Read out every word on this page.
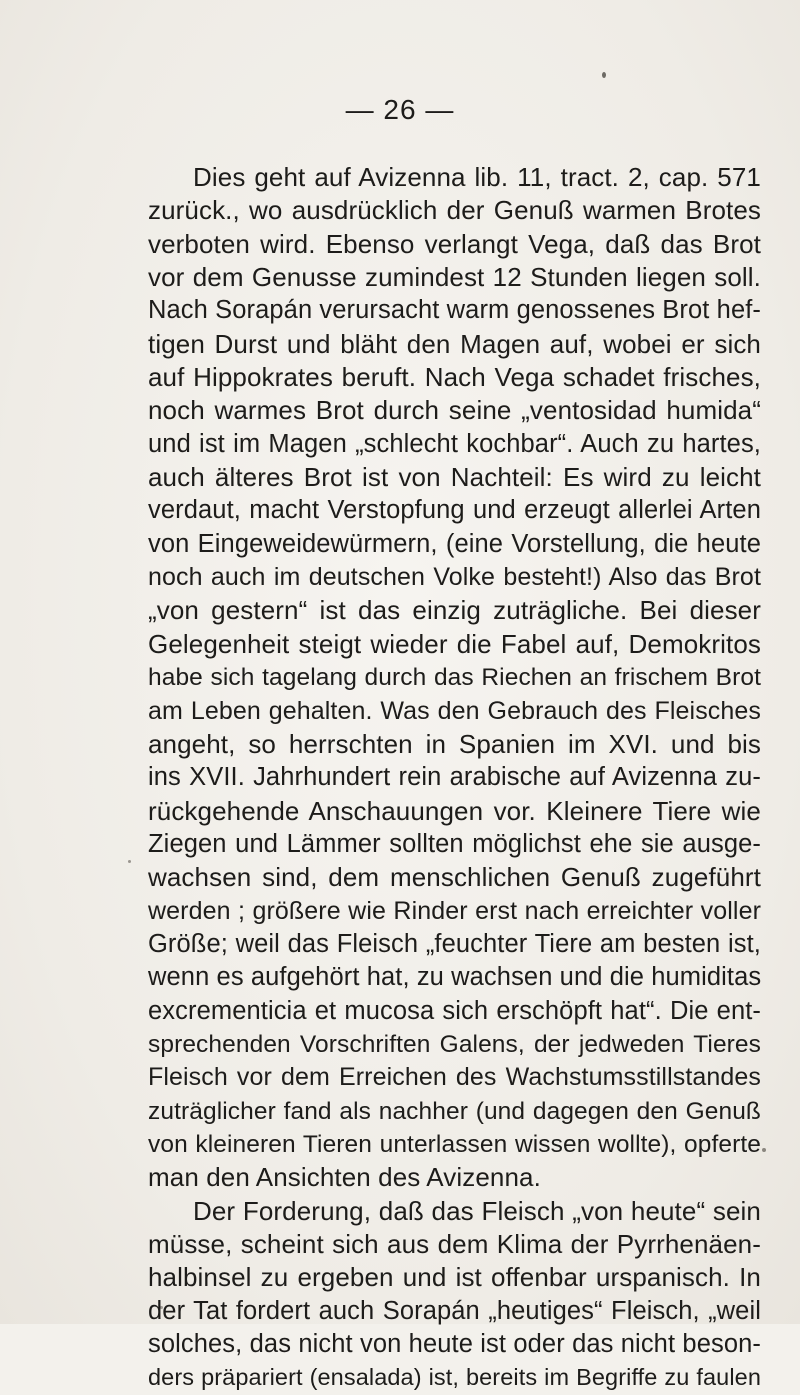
— 26 —
Dies geht auf Avizenna lib. 11, tract. 2, cap. 571
zurück., wo ausdrücklich der Genuß warmen Brotes
verboten wird. Ebenso verlangt Vega, daß das Brot
vor dem Genusse zumindest 12 Stunden liegen soll.
Nach Sorapán verursacht warm genossenes Brot hef-
tigen Durst und bläht den Magen auf, wobei er sich
auf Hippokrates beruft. Nach Vega schadet frisches,
noch warmes Brot durch seine „ventosidad humida“
und ist im Magen „schlecht kochbar“. Auch zu hartes,
auch älteres Brot ist von Nachteil: Es wird zu leicht
verdaut, macht Verstopfung und erzeugt allerlei Arten
von Eingeweidewürmern, (eine Vorstellung, die heute
noch auch im deutschen Volke besteht!) Also das Brot
„von gestern“ ist das einzig zuträgliche. Bei dieser
Gelegenheit steigt wieder die Fabel auf, Demokritos
habe sich tagelang durch das Riechen an frischem Brot
am Leben gehalten. Was den Gebrauch des Fleisches
angeht, so herrschten in Spanien im XVI. und bis
ins XVII. Jahrhundert rein arabische auf Avizenna zu-
rückgehende Anschauungen vor. Kleinere Tiere wie
Ziegen und Lämmer sollten möglichst ehe sie ausge-
wachsen sind, dem menschlichen Genuß zugeführt
werden ; größere wie Rinder erst nach erreichter voller
Größe; weil das Fleisch „feuchter Tiere am besten ist,
wenn es aufgehört hat, zu wachsen und die humiditas
excrementicia et mucosa sich erschöpft hat“. Die ent-
sprechenden Vorschriften Galens, der jedweden Tieres
Fleisch vor dem Erreichen des Wachstumsstillstandes
zuträglicher fand als nachher (und dagegen den Genuß
von kleineren Tieren unterlassen wissen wollte), opferte
man den Ansichten des Avizenna.
Der Forderung, daß das Fleisch „von heute“ sein
müsse, scheint sich aus dem Klima der Pyrrhenäen-
halbinsel zu ergeben und ist offenbar urspanisch. In
der Tat fordert auch Sorapán „heutiges“ Fleisch, „weil
solches, das nicht von heute ist oder das nicht beson-
ders präpariert (ensalada) ist, bereits im Begriffe zu faulen
